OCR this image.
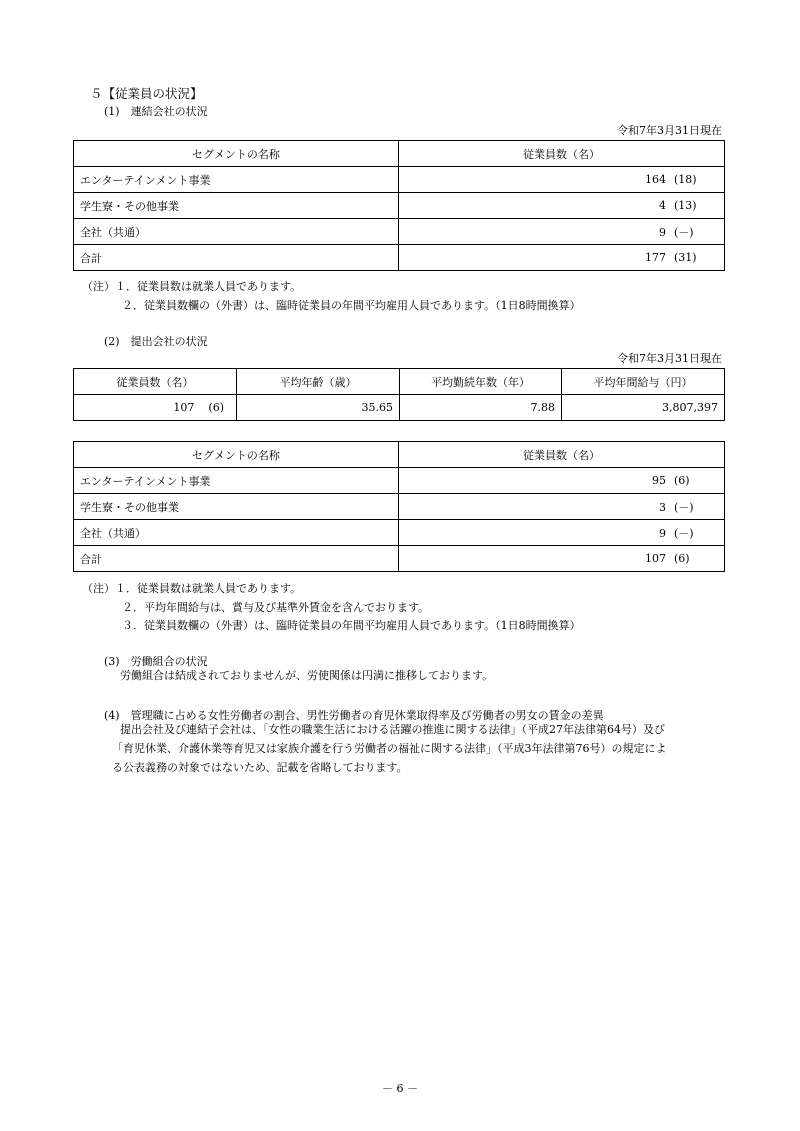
５【従業員の状況】
(1)　連結会社の状況
令和7年3月31日現在
セグメントの名称	従業員数（名）
エンターテインメント事業	164 (18)
学生寮・その他事業	4 (13)
全社（共通）	9 (－)
合計	177 (31)
（注）１．従業員数は就業人員であります。
２．従業員数欄の（外書）は、臨時従業員の年間平均雇用人員であります。（1日8時間換算）
(2)　提出会社の状況
令和7年3月31日現在
従業員数（名）	平均年齢（歳）	平均勤続年数（年）	平均年間給与（円）
107 (6)	35.65	7.88	3,807,397
セグメントの名称	従業員数（名）
エンターテインメント事業	95 (6)
学生寮・その他事業	3 (－)
全社（共通）	9 (－)
合計	107 (6)
（注）１．従業員数は就業人員であります。
２．平均年間給与は、賞与及び基準外賃金を含んでおります。
３．従業員数欄の（外書）は、臨時従業員の年間平均雇用人員であります。（1日8時間換算）
(3)　労働組合の状況
労働組合は結成されておりませんが、労使関係は円満に推移しております。
(4)　管理職に占める女性労働者の割合、男性労働者の育児休業取得率及び労働者の男女の賃金の差異
提出会社及び連結子会社は、「女性の職業生活における活躍の推進に関する法律」（平成27年法律第64号）及び
「育児休業、介護休業等育児又は家族介護を行う労働者の福祉に関する法律」（平成3年法律第76号）の規定によ
る公表義務の対象ではないため、記載を省略しております。
－ 6 －
